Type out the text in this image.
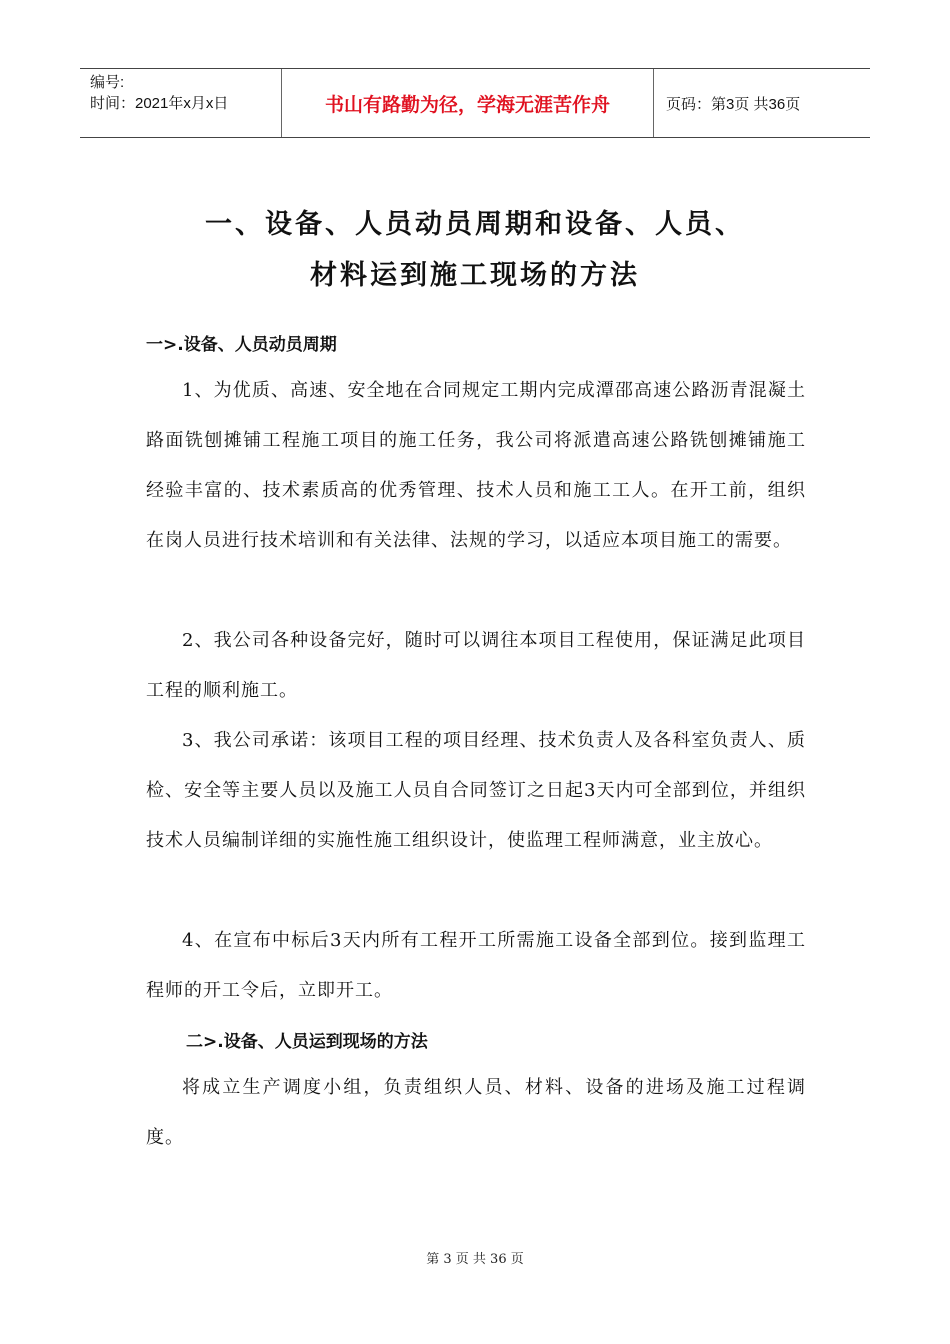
编号:
时间：2021年x月x日	书山有路勤为径，学海无涯苦作舟	页码：第3页 共36页
一、设备、人员动员周期和设备、人员、
材料运到施工现场的方法
一>.设备、人员动员周期
1、为优质、高速、安全地在合同规定工期内完成潭邵高速公路沥青混凝土路面铣刨摊铺工程施工项目的施工任务，我公司将派遣高速公路铣刨摊铺施工经验丰富的、技术素质高的优秀管理、技术人员和施工工人。在开工前，组织在岗人员进行技术培训和有关法律、法规的学习，以适应本项目施工的需要。
2、我公司各种设备完好，随时可以调往本项目工程使用，保证满足此项目工程的顺利施工。
3、我公司承诺：该项目工程的项目经理、技术负责人及各科室负责人、质检、安全等主要人员以及施工人员自合同签订之日起3天内可全部到位，并组织技术人员编制详细的实施性施工组织设计，使监理工程师满意，业主放心。
4、在宣布中标后3天内所有工程开工所需施工设备全部到位。接到监理工程师的开工令后，立即开工。
二>.设备、人员运到现场的方法
将成立生产调度小组，负责组织人员、材料、设备的进场及施工过程调度。
第 3 页 共 36 页
